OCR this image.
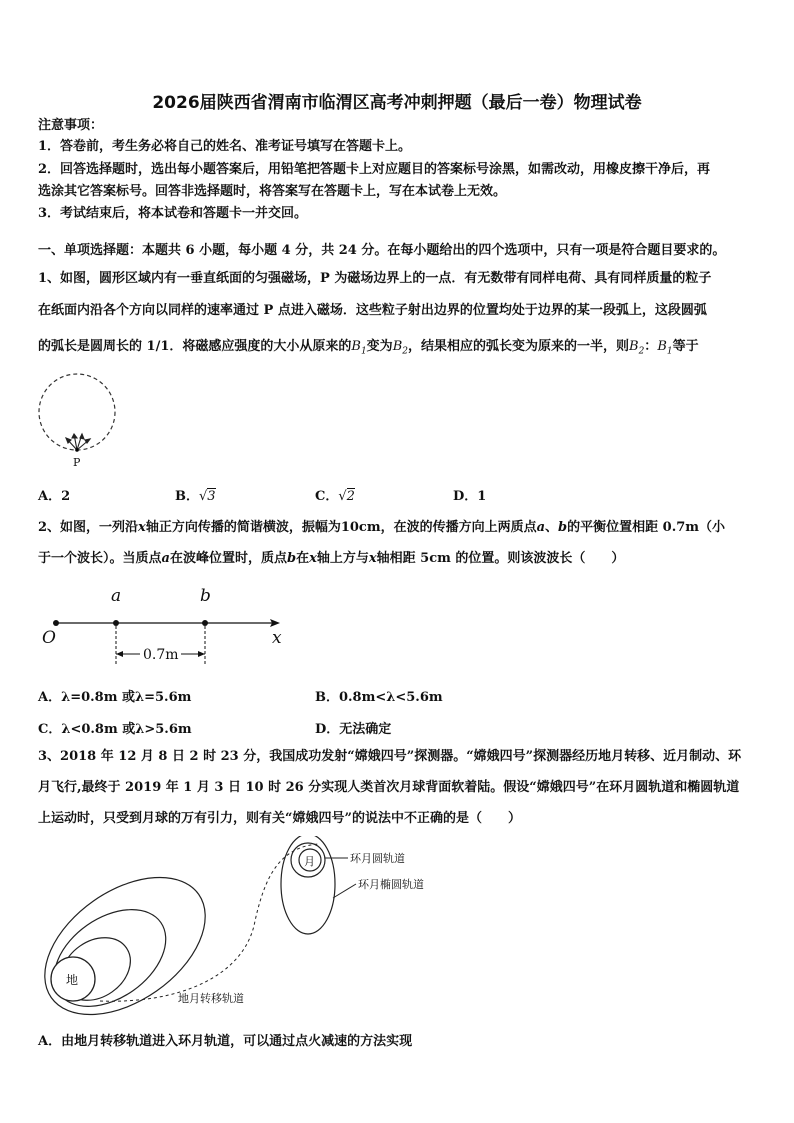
2026届陕西省渭南市临渭区高考冲刺押题（最后一卷）物理试卷
注意事项：
1．答卷前，考生务必将自己的姓名、准考证号填写在答题卡上。
2．回答选择题时，选出每小题答案后，用铅笔把答题卡上对应题目的答案标号涂黑，如需改动，用橡皮擦干净后，再
选涂其它答案标号。回答非选择题时，将答案写在答题卡上，写在本试卷上无效。
3．考试结束后，将本试卷和答题卡一并交回。
一、单项选择题：本题共 6 小题，每小题 4 分，共 24 分。在每小题给出的四个选项中，只有一项是符合题目要求的。
1、如图，圆形区域内有一垂直纸面的匀强磁场，P 为磁场边界上的一点．有无数带有同样电荷、具有同样质量的粒子
在纸面内沿各个方向以同样的速率通过 P 点进入磁场．这些粒子射出边界的位置均处于边界的某一段弧上，这段圆弧
的弧长是圆周长的 1/1．将磁感应强度的大小从原来的$B_1$变为$B_2$，结果相应的弧长变为原来的一半，则$B_2$：$B_1$等于
P
A．2	B．√3	C．√2	D．1
2、如图，一列沿x轴正方向传播的简谐横波，振幅为10cm，在波的传播方向上两质点a、b的平衡位置相距 0.7m（小
于一个波长）。当质点a在波峰位置时，质点b在x轴上方与x轴相距 5cm 的位置。则该波波长（　　）
O
a	b
x
0.7m
A．λ=0.8m 或λ=5.6m	B．0.8m<λ<5.6m
C．λ<0.8m 或λ>5.6m	D．无法确定
3、2018 年 12 月 8 日 2 时 23 分，我国成功发射“嫦娥四号”探测器。“嫦娥四号”探测器经历地月转移、近月制动、环
月飞行,最终于 2019 年 1 月 3 日 10 时 26 分实现人类首次月球背面软着陆。假设“嫦娥四号”在环月圆轨道和椭圆轨道
上运动时，只受到月球的万有引力，则有关“嫦娥四号”的说法中不正确的是（　　）
地
地月转移轨道
月	环月圆轨道
环月椭圆轨道
A．由地月转移轨道进入环月轨道，可以通过点火减速的方法实现
